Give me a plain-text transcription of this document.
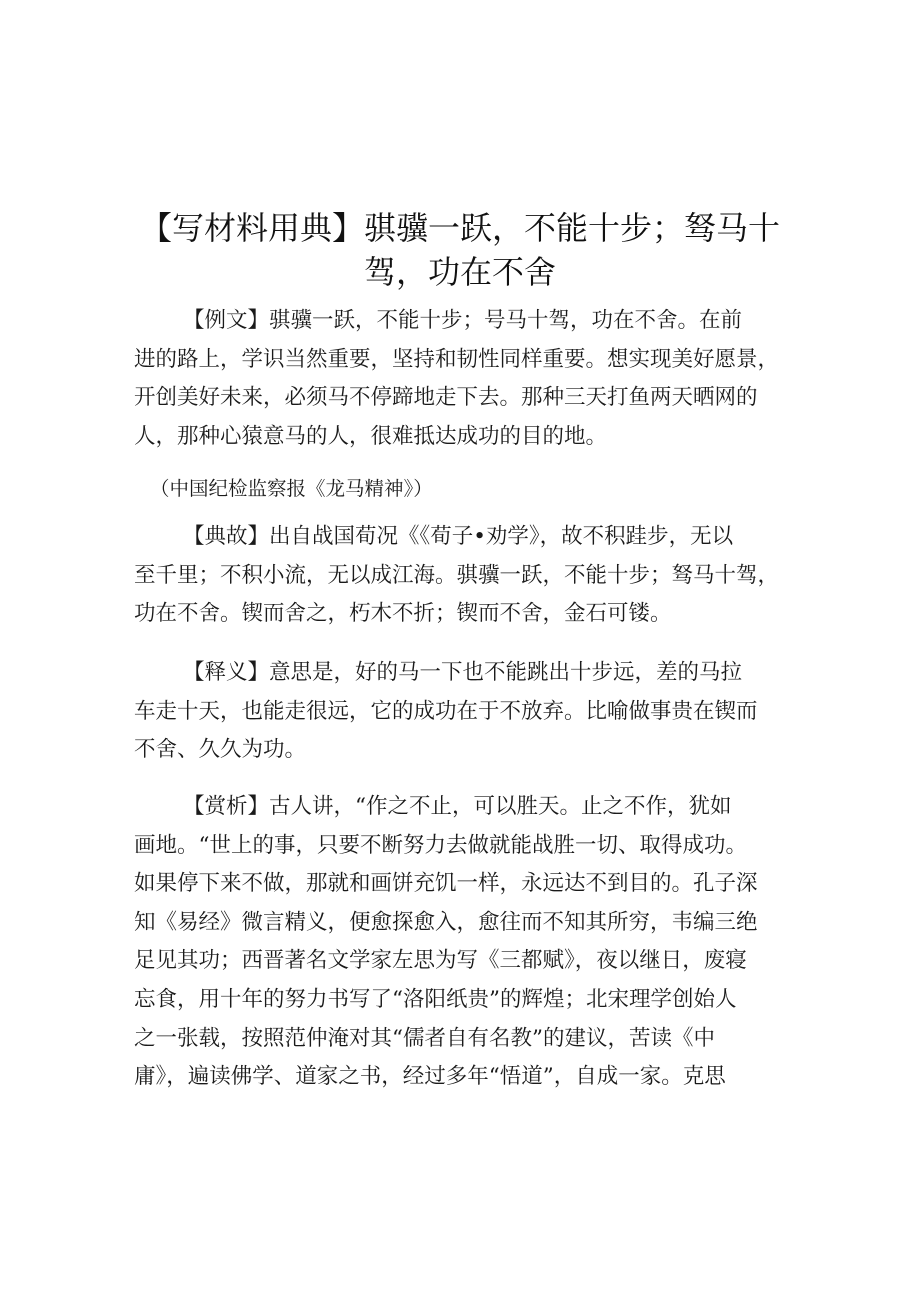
【写材料用典】骐骥一跃，不能十步；驽马十
驾，功在不舍

【例文】骐骥一跃，不能十步；号马十驾，功在不舍。在前
进的路上，学识当然重要，坚持和韧性同样重要。想实现美好愿景，
开创美好未来，必须马不停蹄地走下去。那种三天打鱼两天晒网的
人，那种心猿意马的人，很难抵达成功的目的地。

（中国纪检监察报《龙马精神》）

【典故】出自战国荀况《《荀子•劝学》，故不积跬步，无以
至千里；不积小流，无以成江海。骐骥一跃，不能十步；驽马十驾，
功在不舍。锲而舍之，朽木不折；锲而不舍，金石可镂。

【释义】意思是，好的马一下也不能跳出十步远，差的马拉
车走十天，也能走很远，它的成功在于不放弃。比喻做事贵在锲而
不舍、久久为功。

【赏析】古人讲，“作之不止，可以胜天。止之不作，犹如
画地。“世上的事，只要不断努力去做就能战胜一切、取得成功。
如果停下来不做，那就和画饼充饥一样，永远达不到目的。孔子深
知《易经》微言精义，便愈探愈入，愈往而不知其所穷，韦编三绝
足见其功；西晋著名文学家左思为写《三都赋》，夜以继日，废寝
忘食，用十年的努力书写了“洛阳纸贵”的辉煌；北宋理学创始人
之一张载，按照范仲淹对其“儒者自有名教”的建议，苦读《中
庸》，遍读佛学、道家之书，经过多年“悟道”，自成一家。克思
